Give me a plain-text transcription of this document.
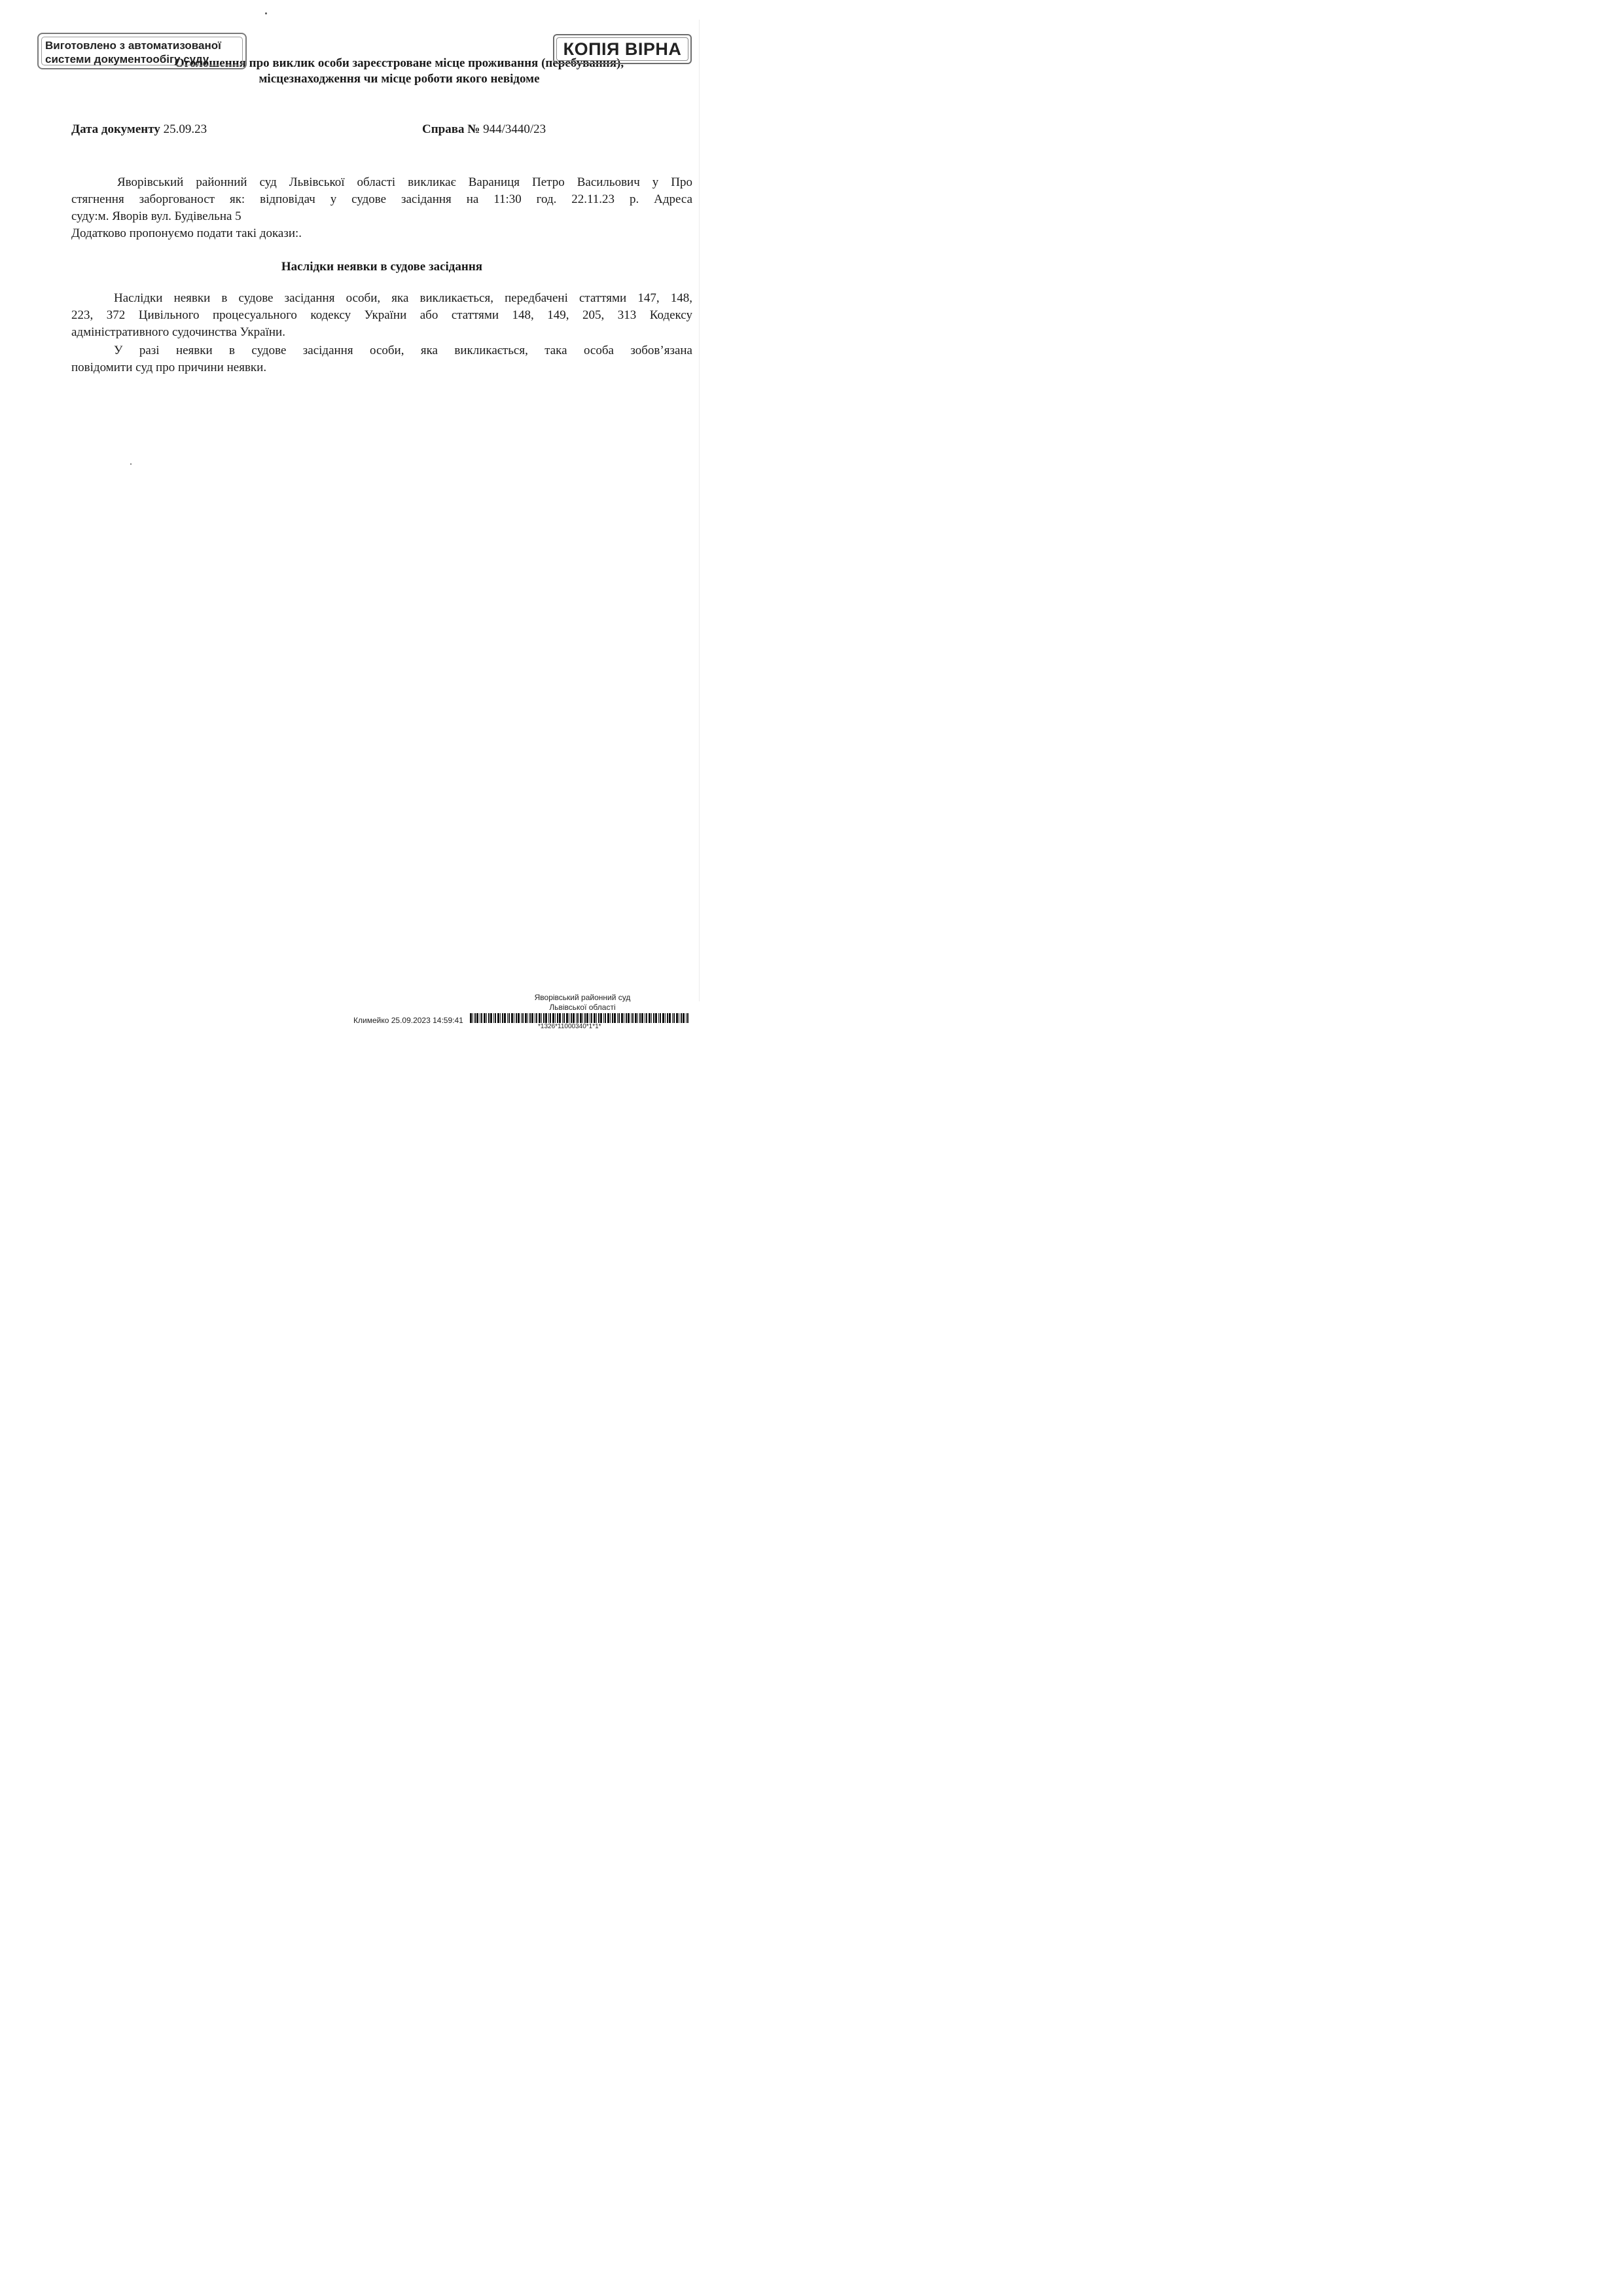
Оголошення про виклик особи зареєстроване місце проживання (перебування),
місцезнаходження чи місце роботи якого невідоме
Виготовлено з автоматизованої
системи документообігу суду
КОПІЯ ВІРНА
Дата документу 25.09.23	Справа № 944/3440/23
Яворівський районний суд Львівської області викликає Вараниця Петро Васильович у Про
стягнення заборгованост як: відповідач у судове засідання на 11:30 год. 22.11.23 р. Адреса
суду:м. Яворів вул. Будівельна 5
Додатково пропонуємо подати такі докази:.
Наслідки неявки в судове засідання
Наслідки неявки в судове засідання особи, яка викликається, передбачені статтями 147, 148,
223, 372 Цивільного процесуального кодексу України або статтями 148, 149, 205, 313 Кодексу
адміністративного судочинства України.
У разі неявки в судове засідання особи, яка викликається, така особа зобов’язана
повідомити суд про причини неявки.
Яворівський районний суд
Львівської області
Климейко 25.09.2023 14:59:41
*1326*11000340*1*1*
